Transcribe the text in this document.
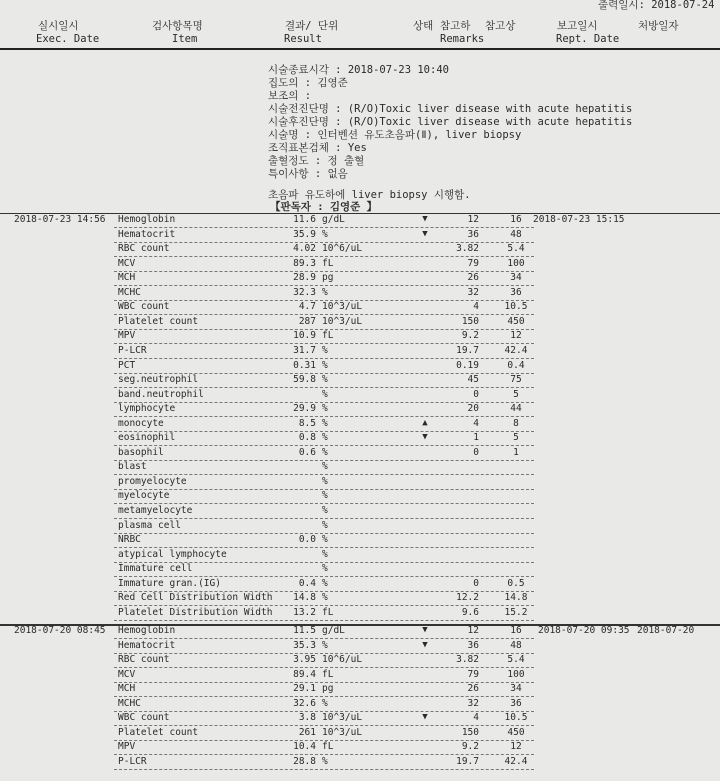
출력일시: 2018-07-24
실시일시
Exec. Date
검사항목명
Item
결과/ 단위
Result
상태 참고하 참고상
Remarks
보고일시
Rept. Date
처방일자
시술종료시각 : 2018-07-23 10:40
집도의 : 김영준
보조의 :
시술전진단명 : (R/O)Toxic liver disease with acute hepatitis
시술후진단명 : (R/O)Toxic liver disease with acute hepatitis
시술명 : 인터벤션 유도초음파(Ⅱ), liver biopsy
조직표본검체 : Yes
출혈정도 : 정 출혈
특이사항 : 없음
초음파 유도하에 liver biopsy 시행함.
【판독자 : 김영준 】
2018-07-23 14:56	2018-07-23 15:15
Hemoglobin	11.6 g/dL	▼	12	16
Hematocrit	35.9 %	▼	36	48
RBC count	4.02 10^6/uL	3.82	5.4
MCV	89.3 fL	79	100
MCH	28.9 pg	26	34
MCHC	32.3 %	32	36
WBC count	4.7 10^3/uL	4	10.5
Platelet count	287 10^3/uL	150	450
MPV	10.9 fL	9.2	12
P-LCR	31.7 %	19.7	42.4
PCT	0.31 %	0.19	0.4
seg.neutrophil	59.8 %	45	75
band.neutrophil	%	0	5
lymphocyte	29.9 %	20	44
monocyte	8.5 %	▲	4	8
eosinophil	0.8 %	▼	1	5
basophil	0.6 %	0	1
blast	%
promyelocyte	%
myelocyte	%
metamyelocyte	%
plasma cell	%
NRBC	0.0 %
atypical lymphocyte	%
Immature cell	%
Immature gran.(IG)	0.4 %	0	0.5
Red Cell Distribution Width 14.8 %	12.2	14.8
Platelet Distribution Width 13.2 fL	9.6	15.2
2018-07-20 08:45	2018-07-20 09:35 2018-07-20
Hemoglobin	11.5 g/dL	▼	12	16
Hematocrit	35.3 %	▼	36	48
RBC count	3.95 10^6/uL	3.82	5.4
MCV	89.4 fL	79	100
MCH	29.1 pg	26	34
MCHC	32.6 %	32	36
WBC count	3.8 10^3/uL	▼	4	10.5
Platelet count	261 10^3/uL	150	450
MPV	10.4 fL	9.2	12
P-LCR	28.8 %	19.7	42.4
